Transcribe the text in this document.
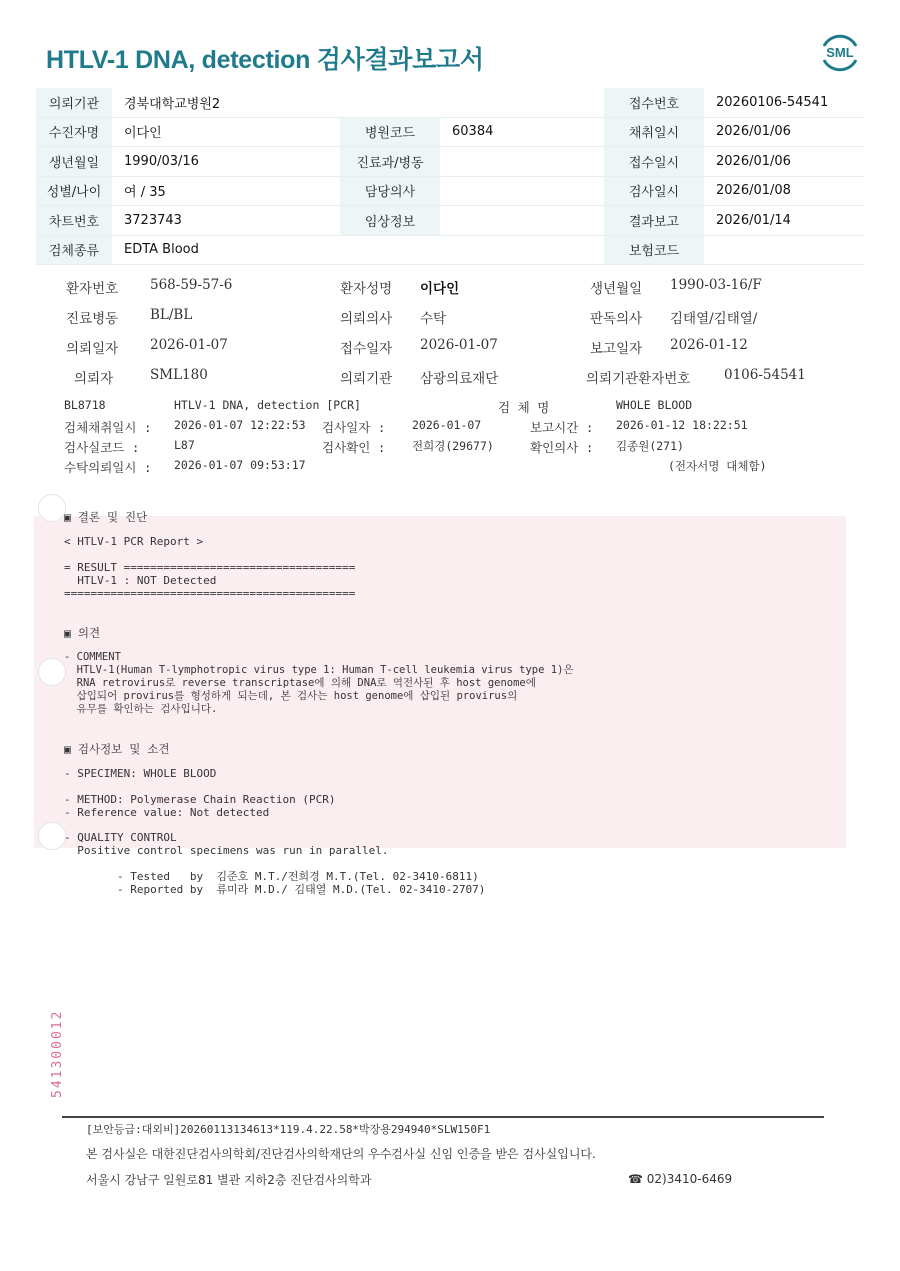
HTLV-1 DNA, detection 검사결과보고서	SML
의뢰기관	경북대학교병원2			접수번호	20260106-54541
수진자명	이다인	병원코드	60384	채취일시	2026/01/06
생년월일	1990/03/16	진료과/병동		접수일시	2026/01/06
성별/나이	여 / 35	담당의사		검사일시	2026/01/08
차트번호	3723743	임상정보		결과보고	2026/01/14
검체종류	EDTA Blood			보험코드	
환자번호 568-59-57-6	환자성명 이다인	생년월일 1990-03-16/F
진료병동 BL/BL	의뢰의사 수탁	판독의사 김태열/김태열/
의뢰일자 2026-01-07	접수일자 2026-01-07	보고일자 2026-01-12
의뢰자	SML180	의뢰기관 삼광의료재단	의뢰기관환자번호 0106-54541
BL8718	HTLV-1 DNA, detection [PCR]	검 체 명	WHOLE BLOOD
검체채취일시 : 2026-01-07 12:22:53 검사일자 : 2026-01-07	보고시간 : 2026-01-12 18:22:51
검사실코드 :	L87	검사확인 : 전희경(29677)	확인의사 : 김종원(271)
수탁의뢰일시 : 2026-01-07 09:53:17	(전자서명 대체함)
▣ 결론 및 진단
< HTLV-1 PCR Report >

= RESULT ===================================
HTLV-1 : NOT Detected
============================================
▣ 의견
- COMMENT
HTLV-1(Human T-lymphotropic virus type 1: Human T-cell leukemia virus type 1)은
RNA retrovirus로 reverse transcriptase에 의해 DNA로 역전사된 후 host genome에
삽입되어 provirus를 형성하게 되는데, 본 검사는 host genome에 삽입된 provirus의
유무를 확인하는 검사입니다.
▣ 검사정보 및 소견
- SPECIMEN: WHOLE BLOOD
- METHOD: Polymerase Chain Reaction (PCR)
- Reference value: Not detected
- QUALITY CONTROL
Positive control specimens was run in parallel.
- Tested   by  김준호 M.T./전희경 M.T.(Tel. 02-3410-6811)
- Reported by  류미라 M.D./ 김태열 M.D.(Tel. 02-3410-2707)
541300012
[보안등급:대외비]20260113134613*119.4.22.58*박장용294940*SLW150F1
본 검사실은 대한진단검사의학회/진단검사의학재단의 우수검사실 신임 인증을 받은 검사실입니다.
서울시 강남구 일원로81 별관 지하2층 진단검사의학과	☎ 02)3410-6469
